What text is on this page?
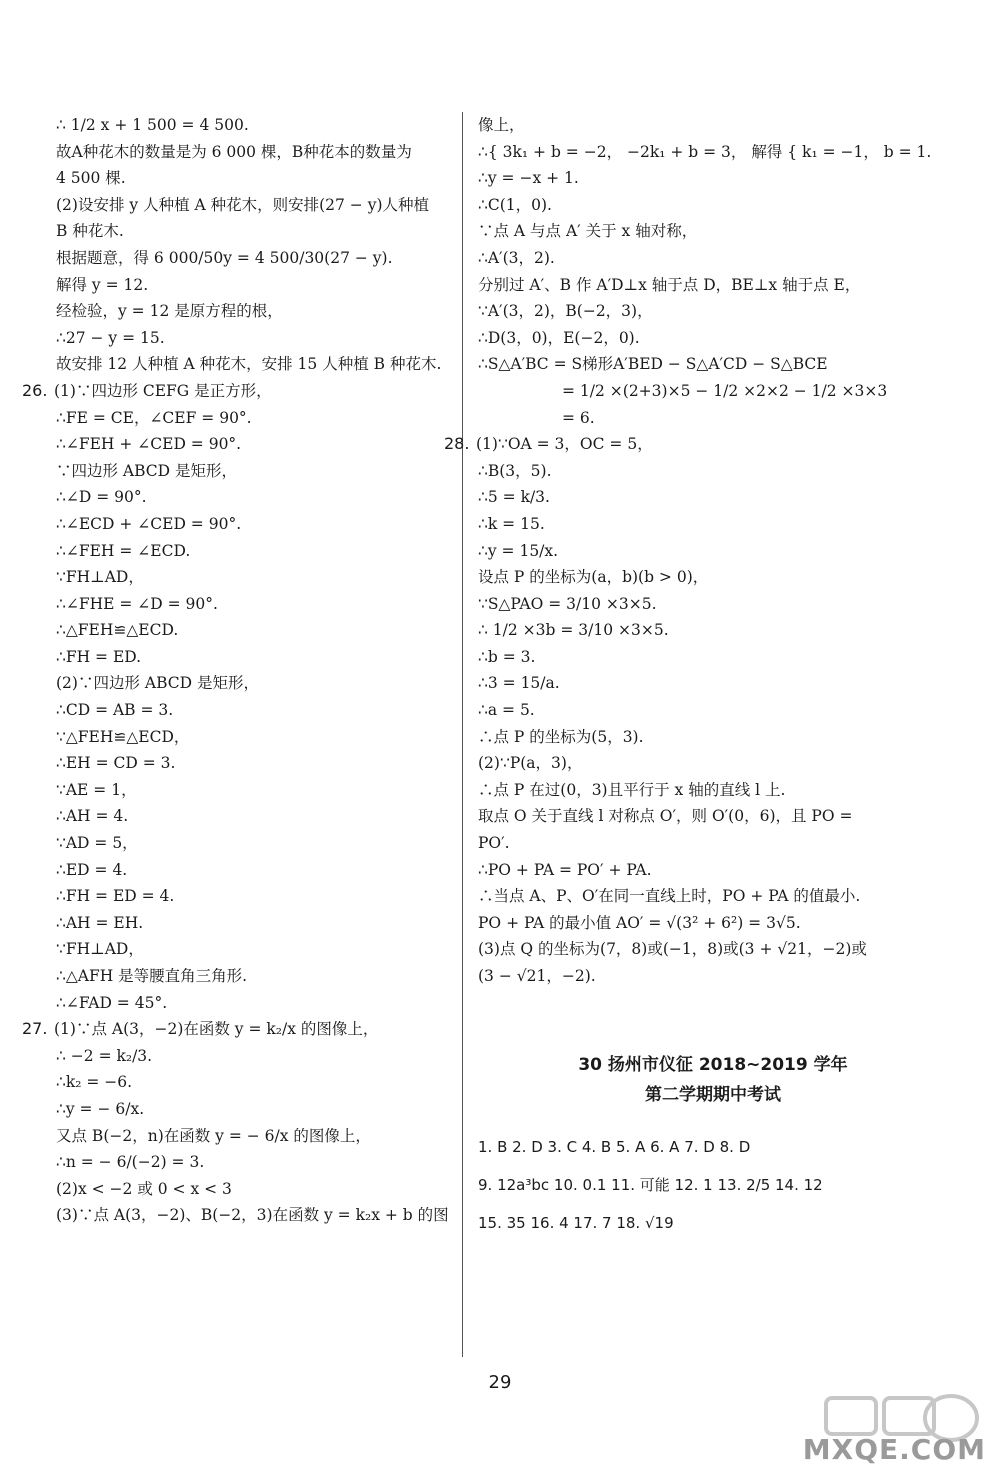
∴ 1/2 x + 1 500 = 4 500.
故A种花木的数量是为 6 000 棵，B种花本的数量为
4 500 棵.
(2)设安排 y 人种植 A 种花木，则安排(27 − y)人种植
B 种花木.
根据题意，得 6 000/50y = 4 500/30(27 − y).
解得 y = 12.
经检验，y = 12 是原方程的根，
∴27 − y = 15.
故安排 12 人种植 A 种花木，安排 15 人种植 B 种花木.
26. (1)∵四边形 CEFG 是正方形，
∴FE = CE，∠CEF = 90°.
∴∠FEH + ∠CED = 90°.
∵四边形 ABCD 是矩形，
∴∠D = 90°.
∴∠ECD + ∠CED = 90°.
∴∠FEH = ∠ECD.
∵FH⊥AD，
∴∠FHE = ∠D = 90°.
∴△FEH≌△ECD.
∴FH = ED.
(2)∵四边形 ABCD 是矩形，
∴CD = AB = 3.
∵△FEH≌△ECD，
∴EH = CD = 3.
∵AE = 1，
∴AH = 4.
∵AD = 5，
∴ED = 4.
∴FH = ED = 4.
∴AH = EH.
∵FH⊥AD，
∴△AFH 是等腰直角三角形.
∴∠FAD = 45°.
27. (1)∵点 A(3，−2)在函数 y = k₂/x 的图像上，
∴ −2 = k₂/3.
∴k₂ = −6.
∴y = − 6/x.
又点 B(−2，n)在函数 y = − 6/x 的图像上，
∴n = − 6/(−2) = 3.
(2)x < −2 或 0 < x < 3
(3)∵点 A(3，−2)、B(−2，3)在函数 y = k₂x + b 的图
像上，
∴{ 3k₁ + b = −2， −2k₁ + b = 3， 解得 { k₁ = −1， b = 1.
∴y = −x + 1.
∴C(1，0).
∵点 A 与点 A′ 关于 x 轴对称，
∴A′(3，2).
分别过 A′、B 作 A′D⊥x 轴于点 D，BE⊥x 轴于点 E，
∵A′(3，2)，B(−2，3)，
∴D(3，0)，E(−2，0).
∴S△A′BC = S梯形A′BED − S△A′CD − S△BCE
= 1/2 ×(2+3)×5 − 1/2 ×2×2 − 1/2 ×3×3
= 6.
28. (1)∵OA = 3，OC = 5，
∴B(3，5).
∴5 = k/3.
∴k = 15.
∴y = 15/x.
设点 P 的坐标为(a，b)(b > 0)，
∵S△PAO = 3/10 ×3×5.
∴ 1/2 ×3b = 3/10 ×3×5.
∴b = 3.
∴3 = 15/a.
∴a = 5.
∴点 P 的坐标为(5，3).
(2)∵P(a，3)，
∴点 P 在过(0，3)且平行于 x 轴的直线 l 上.
取点 O 关于直线 l 对称点 O′，则 O′(0，6)，且 PO =
PO′.
∴PO + PA = PO′ + PA.
∴当点 A、P、O′在同一直线上时，PO + PA 的值最小.
PO + PA 的最小值 AO′ = √(3² + 6²) = 3√5.
(3)点 Q 的坐标为(7，8)或(−1，8)或(3 + √21，−2)或
(3 − √21，−2).
30 扬州市仪征 2018~2019 学年
第二学期期中考试
1. B 2. D 3. C 4. B 5. A 6. A 7. D 8. D
9. 12a³bc 10. 0.1 11. 可能 12. 1 13. 2/5 14. 12
15. 35 16. 4 17. 7 18. √19
29
MXQE.COM
